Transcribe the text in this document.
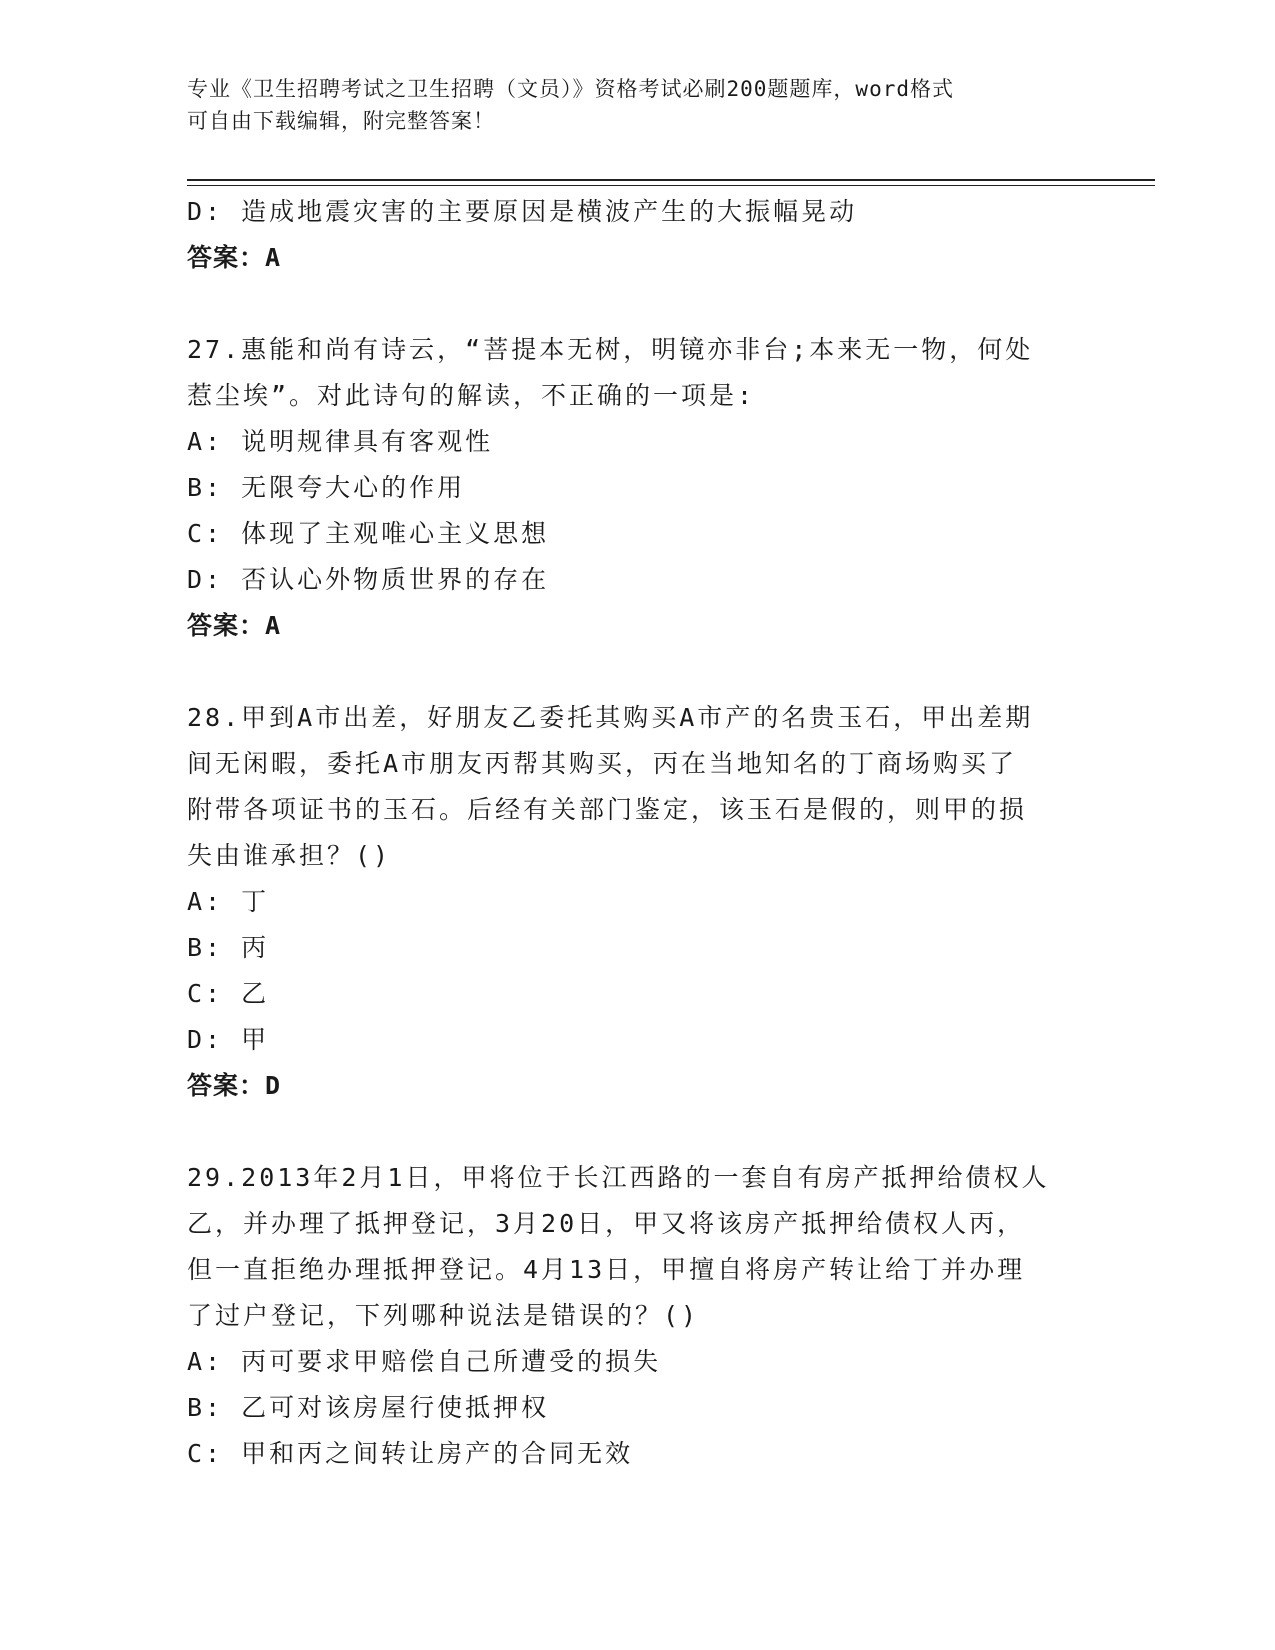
专业《卫生招聘考试之卫生招聘（文员）》资格考试必刷200题题库，word格式
可自由下载编辑，附完整答案！
D: 造成地震灾害的主要原因是横波产生的大振幅晃动
答案：A
27.惠能和尚有诗云，“菩提本无树，明镜亦非台;本来无一物，何处
惹尘埃”。对此诗句的解读，不正确的一项是:
A: 说明规律具有客观性
B: 无限夸大心的作用
C: 体现了主观唯心主义思想
D: 否认心外物质世界的存在
答案：A
28.甲到A市出差，好朋友乙委托其购买A市产的名贵玉石，甲出差期
间无闲暇，委托A市朋友丙帮其购买，丙在当地知名的丁商场购买了
附带各项证书的玉石。后经有关部门鉴定，该玉石是假的，则甲的损
失由谁承担？()
A: 丁
B: 丙
C: 乙
D: 甲
答案：D
29.2013年2月1日，甲将位于长江西路的一套自有房产抵押给债权人
乙，并办理了抵押登记，3月20日，甲又将该房产抵押给债权人丙，
但一直拒绝办理抵押登记。4月13日，甲擅自将房产转让给丁并办理
了过户登记，下列哪种说法是错误的？()
A: 丙可要求甲赔偿自己所遭受的损失
B: 乙可对该房屋行使抵押权
C: 甲和丙之间转让房产的合同无效
